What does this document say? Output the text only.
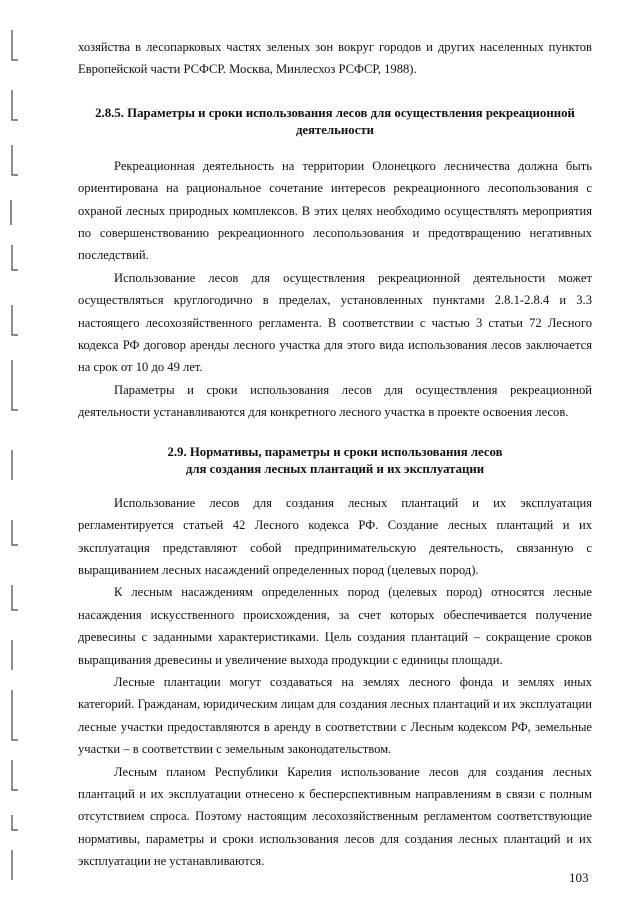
хозяйства в лесопарковых частях зеленых зон вокруг городов и других населенных пунктов Европейской части РСФСР. Москва, Минлесхоз РСФСР, 1988).

2.8.5. Параметры и сроки использования лесов для осуществления рекреационной
деятельности

Рекреационная деятельность на территории Олонецкого лесничества должна быть ориентирована на рациональное сочетание интересов рекреационного лесопользования с охраной лесных природных комплексов. В этих целях необходимо осуществлять мероприятия по совершенствованию рекреационного лесопользования и предотвращению негативных последствий.

Использование лесов для осуществления рекреационной деятельности может осуществляться круглогодично в пределах, установленных пунктами 2.8.1-2.8.4 и 3.3 настоящего лесохозяйственного регламента. В соответствии с частью 3 статьи 72 Лесного кодекса РФ договор аренды лесного участка для этого вида использования лесов заключается на срок от 10 до 49 лет.

Параметры и сроки использования лесов для осуществления рекреационной деятельности устанавливаются для конкретного лесного участка в проекте освоения лесов.

2.9. Нормативы, параметры и сроки использования лесов
для создания лесных плантаций и их эксплуатации

Использование лесов для создания лесных плантаций и их эксплуатация регламентируется статьей 42 Лесного кодекса РФ. Создание лесных плантаций и их эксплуатация представляют собой предпринимательскую деятельность, связанную с выращиванием лесных насаждений определенных пород (целевых пород).

К лесным насаждениям определенных пород (целевых пород) относятся лесные насаждения искусственного происхождения, за счет которых обеспечивается получение древесины с заданными характеристиками. Цель создания плантаций – сокращение сроков выращивания древесины и увеличение выхода продукции с единицы площади.

Лесные плантации могут создаваться на землях лесного фонда и землях иных категорий. Гражданам, юридическим лицам для создания лесных плантаций и их эксплуатации лесные участки предоставляются в аренду в соответствии с Лесным кодексом РФ, земельные участки – в соответствии с земельным законодательством.

Лесным планом Республики Карелия использование лесов для создания лесных плантаций и их эксплуатации отнесено к бесперспективным направлениям в связи с полным отсутствием спроса. Поэтому настоящим лесохозяйственным регламентом соответствующие нормативы, параметры и сроки использования лесов для создания лесных плантаций и их эксплуатации не устанавливаются.

103
